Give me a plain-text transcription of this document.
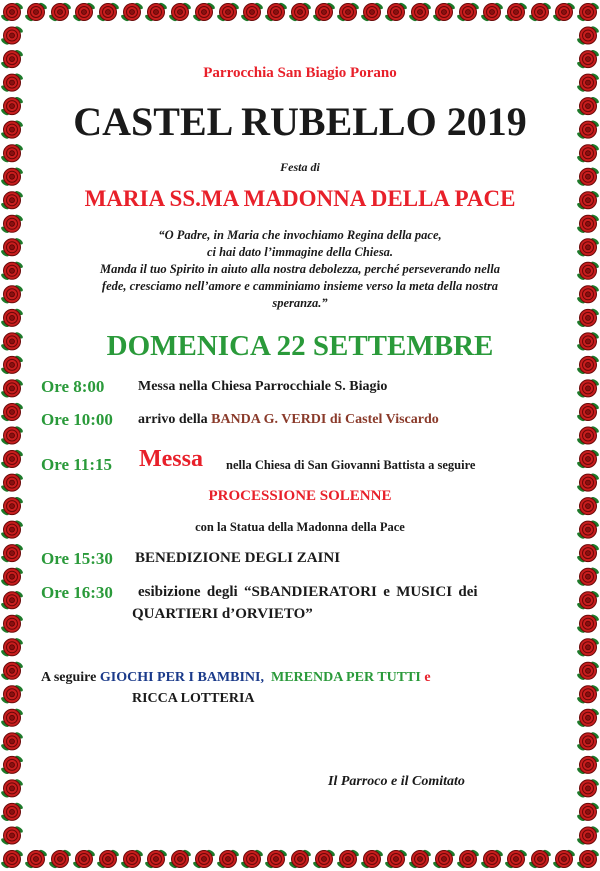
Parrocchia San Biagio Porano
CASTEL RUBELLO 2019
Festa di
MARIA SS.MA MADONNA DELLA PACE
“O Padre, in Maria che invochiamo Regina della pace,
ci hai dato l’immagine della Chiesa.
Manda il tuo Spirito in aiuto alla nostra debolezza, perché perseverando nella
fede, cresciamo nell’amore e camminiamo insieme verso la meta della nostra
speranza.”
DOMENICA 22 SETTEMBRE
Ore 8:00 Messa nella Chiesa Parrocchiale S. Biagio
Ore 10:00 arrivo della BANDA G. VERDI di Castel Viscardo
Ore 11:15 Messa nella Chiesa di San Giovanni Battista a seguire
PROCESSIONE SOLENNE
con la Statua della Madonna della Pace
Ore 15:30 BENEDIZIONE DEGLI ZAINI
Ore 16:30 esibizione degli “SBANDIERATORI e MUSICI dei
QUARTIERI d’ORVIETO”
A seguire GIOCHI PER I BAMBINI, MERENDA PER TUTTI e
RICCA LOTTERIA
Il Parroco e il Comitato
